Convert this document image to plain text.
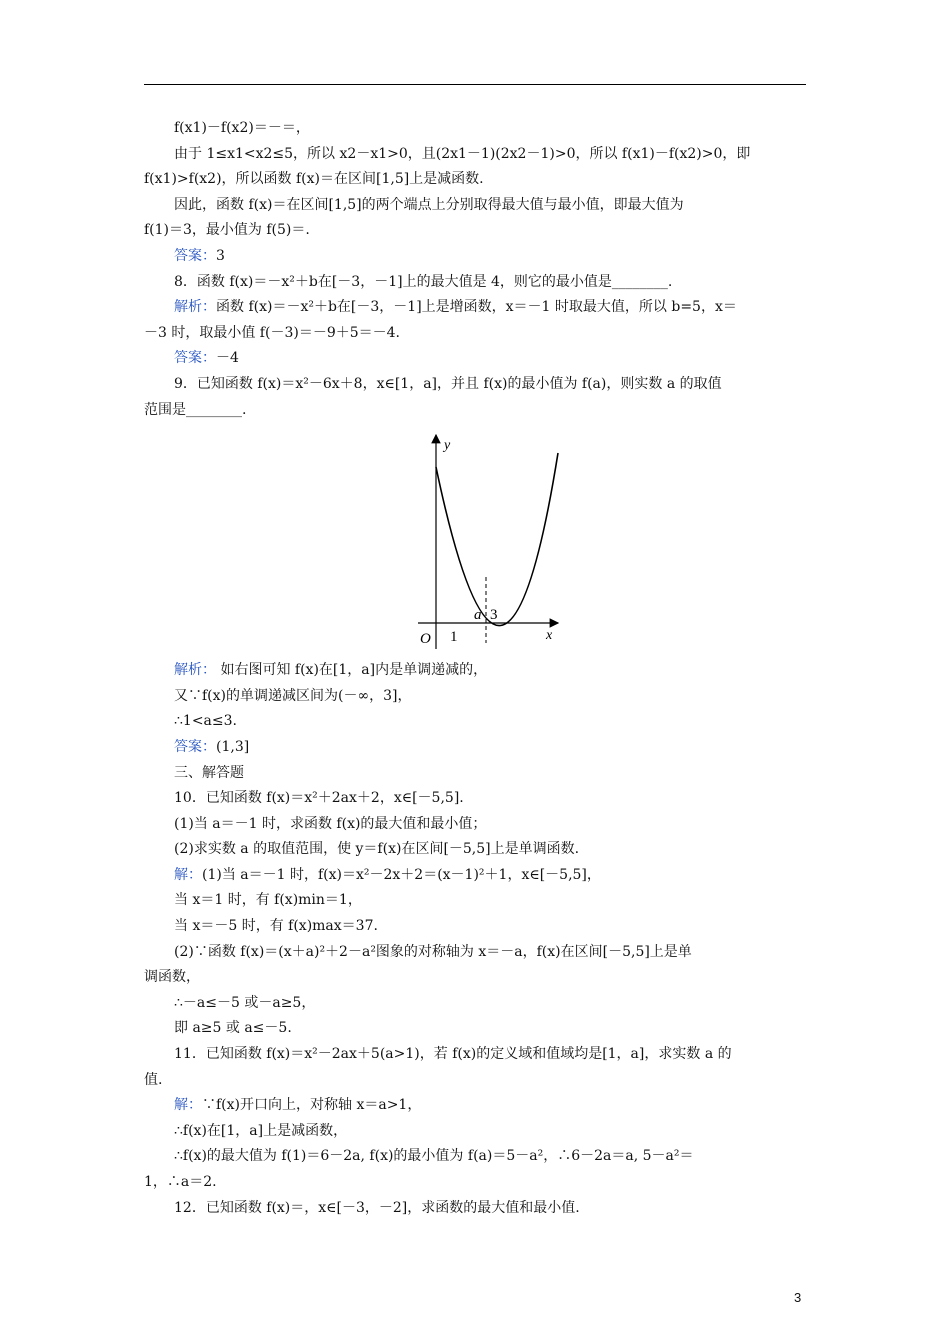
f(x1)－f(x2)＝－＝，
由于 1≤x1<x2≤5，所以 x2－x1>0，且(2x1－1)(2x2－1)>0，所以 f(x1)－f(x2)>0，即
f(x1)>f(x2)，所以函数 f(x)＝在区间[1,5]上是减函数.
因此，函数 f(x)＝在区间[1,5]的两个端点上分别取得最大值与最小值，即最大值为
f(1)＝3，最小值为 f(5)＝.
答案：3
8．函数 f(x)＝－x²＋b在[－3，－1]上的最大值是 4，则它的最小值是________.
解析：函数 f(x)＝－x²＋b在[－3，－1]上是增函数，x＝－1 时取最大值，所以 b=5，x＝
－3 时，取最小值 f(－3)＝－9＋5＝－4.
答案：－4
9．已知函数 f(x)＝x²－6x＋8，x∈[1，a]，并且 f(x)的最小值为 f(a)，则实数 a 的取值
范围是________.
y
x
O 1
a 3
解析： 如右图可知 f(x)在[1，a]内是单调递减的，
又∵f(x)的单调递减区间为(－∞，3]，
∴1<a≤3.
答案：(1,3]
三、解答题
10．已知函数 f(x)＝x²＋2ax＋2，x∈[－5,5].
(1)当 a＝－1 时，求函数 f(x)的最大值和最小值；
(2)求实数 a 的取值范围，使 y＝f(x)在区间[－5,5]上是单调函数.
解：(1)当 a＝－1 时，f(x)＝x²－2x＋2＝(x－1)²＋1，x∈[－5,5]，
当 x＝1 时，有 f(x)min＝1，
当 x＝－5 时，有 f(x)max＝37.
(2)∵函数 f(x)＝(x＋a)²＋2－a²图象的对称轴为 x＝－a，f(x)在区间[－5,5]上是单
调函数，
∴－a≤－5 或－a≥5，
即 a≥5 或 a≤－5.
11．已知函数 f(x)＝x²－2ax＋5(a>1)，若 f(x)的定义域和值域均是[1，a]，求实数 a 的
值.
解：∵f(x)开口向上，对称轴 x＝a>1，
∴f(x)在[1，a]上是减函数，
∴f(x)的最大值为 f(1)＝6－2a, f(x)的最小值为 f(a)＝5－a²，∴6－2a＝a, 5－a²＝
1，∴a＝2.
12．已知函数 f(x)＝，x∈[－3，－2]，求函数的最大值和最小值.
3
